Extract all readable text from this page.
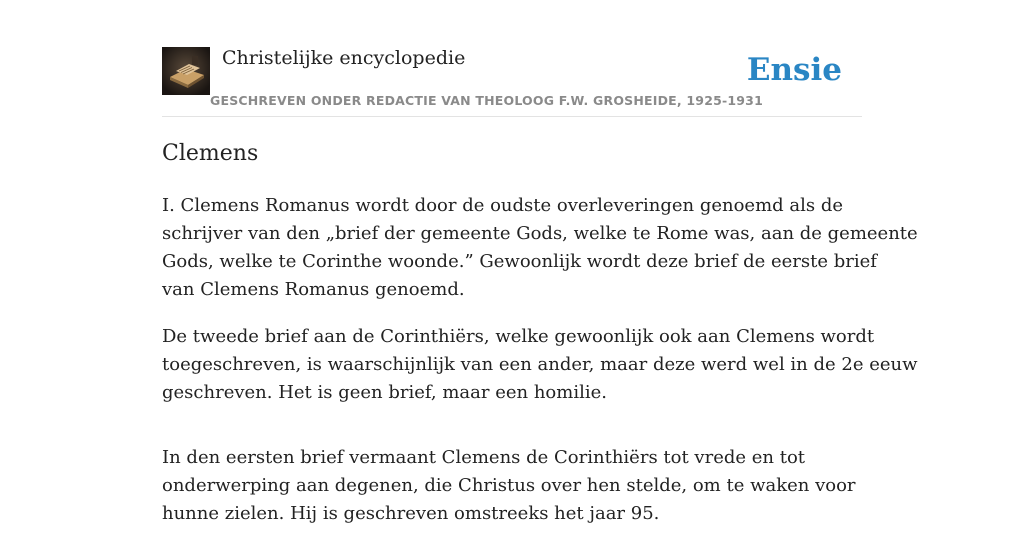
Christelijke encyclopedie
GESCHREVEN ONDER REDACTIE VAN THEOLOOG F.W. GROSHEIDE, 1925-1931
Ensie
Clemens

I. Clemens Romanus wordt door de oudste overleveringen genoemd als de
schrijver van den „brief der gemeente Gods, welke te Rome was, aan de gemeente
Gods, welke te Corinthe woonde.” Gewoonlijk wordt deze brief de eerste brief
van Clemens Romanus genoemd.

De tweede brief aan de Corinthiërs, welke gewoonlijk ook aan Clemens wordt
toegeschreven, is waarschijnlijk van een ander, maar deze werd wel in de 2e eeuw
geschreven. Het is geen brief, maar een homilie.

In den eersten brief vermaant Clemens de Corinthiërs tot vrede en tot
onderwerping aan degenen, die Christus over hen stelde, om te waken voor
hunne zielen. Hij is geschreven omstreeks het jaar 95.
